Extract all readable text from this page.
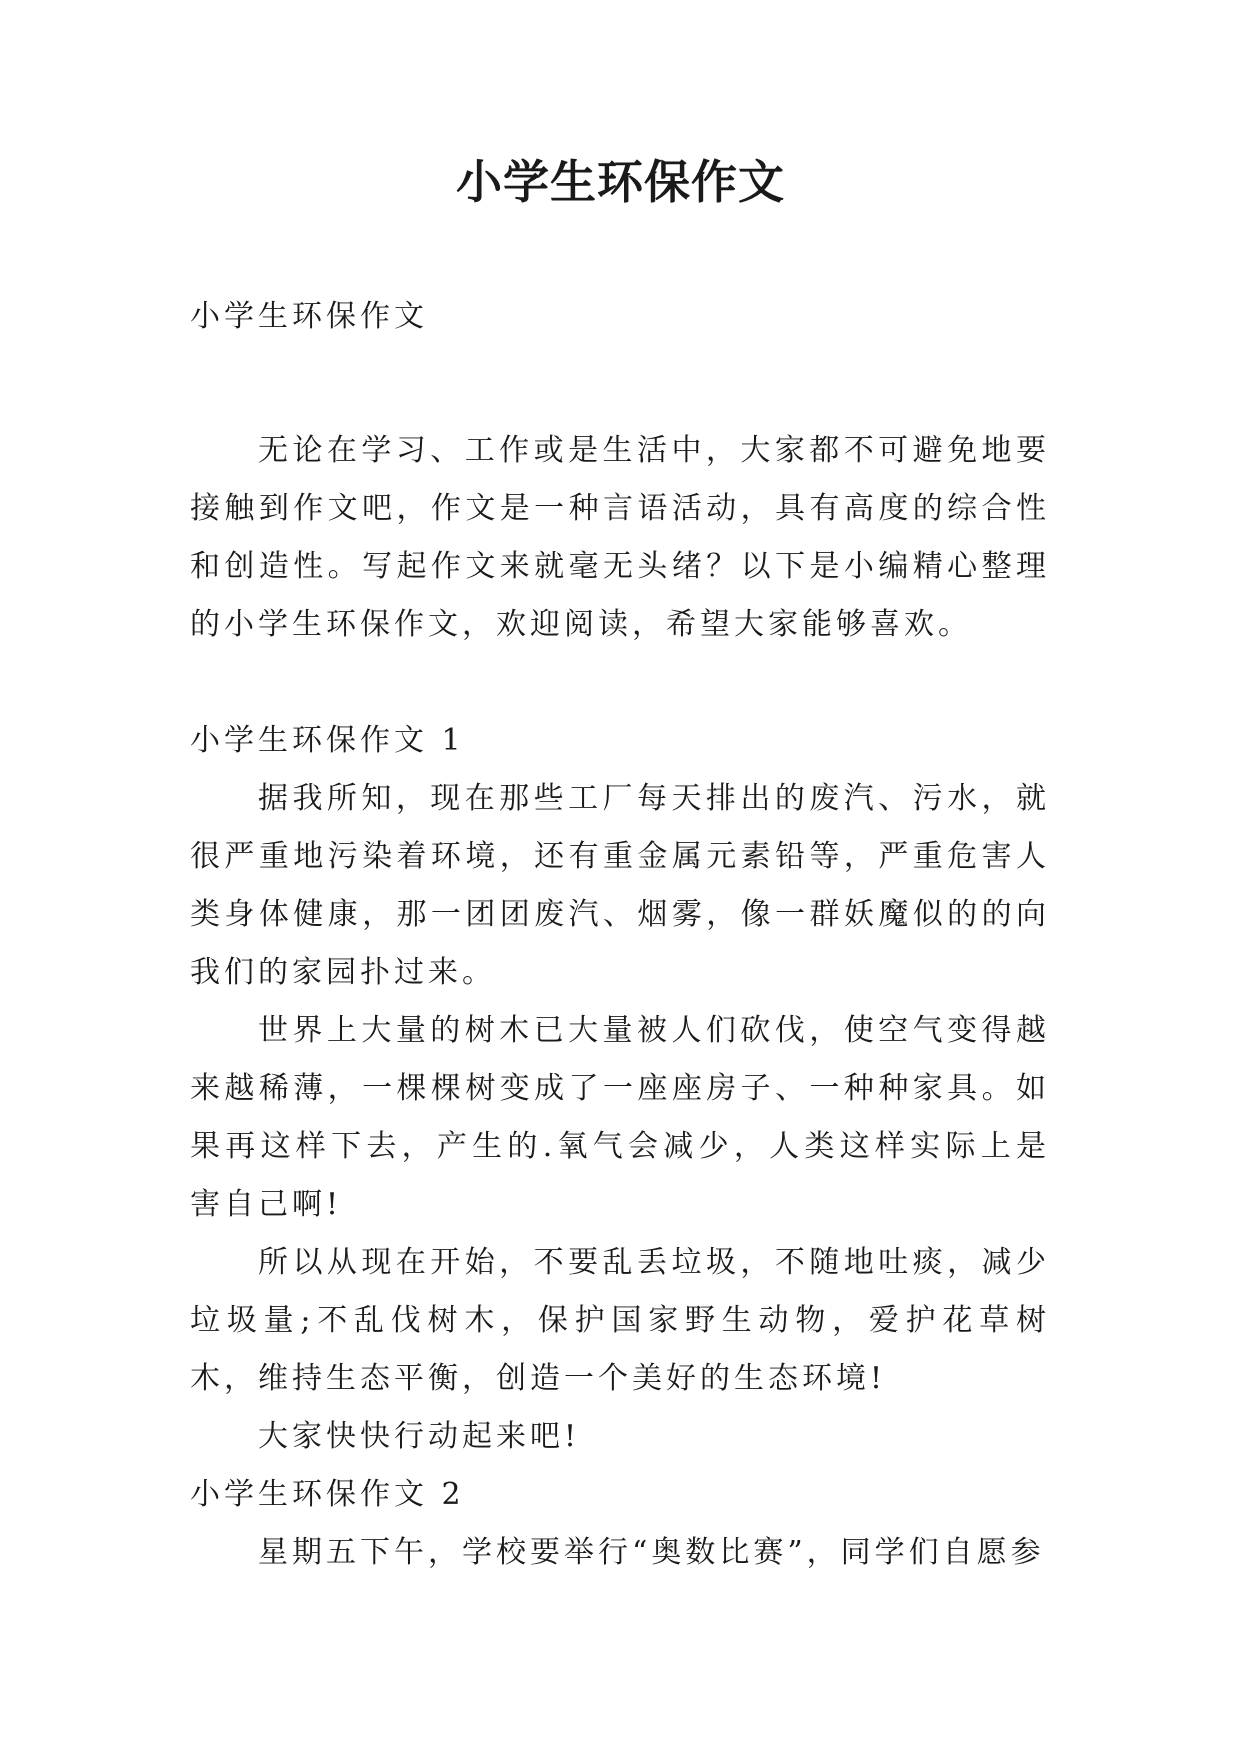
小学生环保作文

小学生环保作文

无论在学习、工作或是生活中，大家都不可避免地要接触到作文吧，作文是一种言语活动，具有高度的综合性和创造性。写起作文来就毫无头绪？以下是小编精心整理的小学生环保作文，欢迎阅读，希望大家能够喜欢。

小学生环保作文 1

据我所知，现在那些工厂每天排出的废汽、污水，就很严重地污染着环境，还有重金属元素铅等，严重危害人类身体健康，那一团团废汽、烟雾，像一群妖魔似的的向我们的家园扑过来。

世界上大量的树木已大量被人们砍伐，使空气变得越来越稀薄，一棵棵树变成了一座座房子、一种种家具。如果再这样下去，产生的.氧气会减少，人类这样实际上是害自己啊!

所以从现在开始，不要乱丢垃圾，不随地吐痰，减少垃圾量;不乱伐树木，保护国家野生动物，爱护花草树木，维持生态平衡，创造一个美好的生态环境!

大家快快行动起来吧!

小学生环保作文 2

星期五下午，学校要举行“奥数比赛”，同学们自愿参
